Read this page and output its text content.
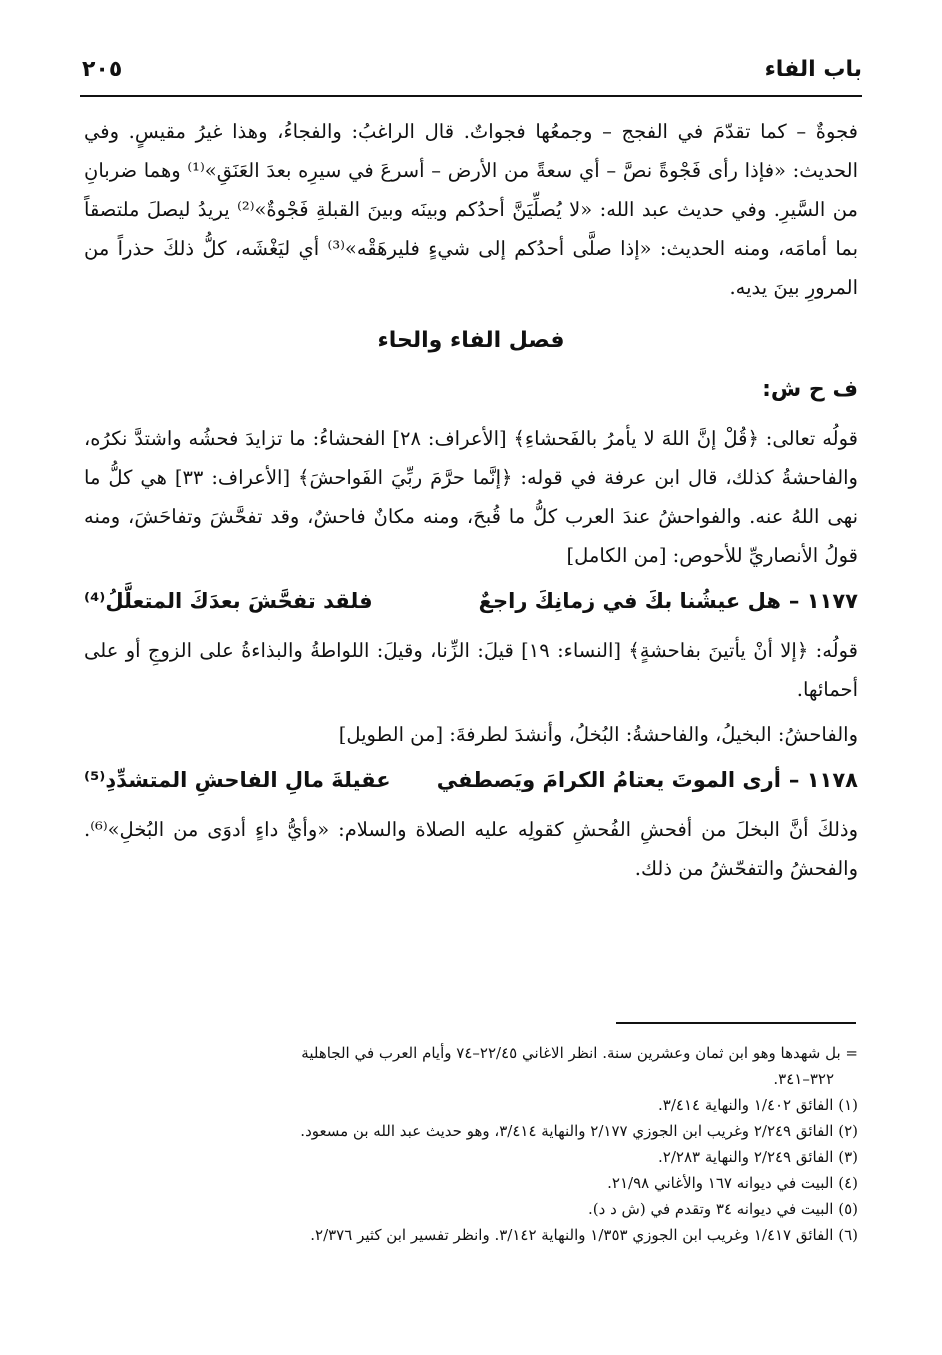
باب الفاء
٢٠٥

فجوةٌ – كما تقدّمَ في الفجج – وجمعُها فجواتٌ. قال الراغبُ: والفجاءُ، وهذا غيرُ مقيسٍ. وفي الحديث: «فإذا رأى فَجْوةً نصَّ – أي سعةً من الأرض – أسرعَ في سيرِه بعدَ العَنَقِ»⁽¹⁾ وهما ضربانِ من السَّيرِ. وفي حديث عبد الله: «لا يُصلِّيَنَّ أحدُكم وبينَه وبينَ القبلةِ فَجْوةٌ»⁽²⁾ يريدُ ليصلَ ملتصقاً بما أمامَه، ومنه الحديث: «إذا صلَّى أحدُكم إلى شيءٍ فليرهَقْه»⁽³⁾ أي ليَغْشَه، كلُّ ذلكَ حذراً من المرورِ بينَ يديه.

فصل الفاء والحاء

ف ح ش:

قولُه تعالى: ﴿قُلْ إنَّ اللهَ لا يأمرُ بالفَحشاءِ﴾ [الأعراف: ٢٨] الفحشاءُ: ما تزايدَ فحشُه واشتدَّ نكرُه، والفاحشةُ كذلك، قال ابن عرفة في قوله: ﴿إنَّما حرَّمَ ربِّيَ الفَواحشَ﴾ [الأعراف: ٣٣] هي كلُّ ما نهى اللهُ عنه. والفواحشُ عندَ العرب كلُّ ما قُبحَ، ومنه مكانٌ فاحشٌ، وقد تفحَّشَ وتفاحَشَ، ومنه قولُ الأنصاريِّ للأحوص: [من الكامل]

١١٧٧ –هل عيشُنا بكَ في زمانِكَ راجعٌ
فلقد تفحَّشَ بعدَكَ المتعلَّلُ⁽⁴⁾

قولُه: ﴿إلا أنْ يأتينَ بفاحشةٍ﴾ [النساء: ١٩] قيلَ: الزِّنا، وقيلَ: اللواطةُ والبذاءةُ على الزوجِ أو على أحمائها.

والفاحشُ: البخيلُ، والفاحشةُ: البُخلُ، وأنشدَ لطرفةَ: [من الطويل]

١١٧٨ –أرى الموتَ يعتامُ الكرامَ ويَصطفي
عقيلةَ مالِ الفاحشِ المتشدِّدِ⁽⁵⁾

وذلكَ أنَّ البخلَ من أفحشِ الفُحشِ كقولِه عليه الصلاة والسلام: «وأيُّ داءٍ أدوَى من البُخلِ»⁽⁶⁾. والفحشُ والتفحّشُ من ذلك.

= بل شهدها وهو ابن ثمان وعشرين سنة. انظر الاغاني ٢٢/٤٥–٧٤ وأيام العرب في الجاهلية

٣٢٢–٣٤١.

(١) الفائق ١/٤٠٢ والنهاية ٣/٤١٤.

(٢) الفائق ٢/٢٤٩ وغريب ابن الجوزي ٢/١٧٧ والنهاية ٣/٤١٤، وهو حديث عبد الله بن مسعود.

(٣) الفائق ٢/٢٤٩ والنهاية ٢/٢٨٣.

(٤) البيت في ديوانه ١٦٧ والأغاني ٢١/٩٨.

(٥) البيت في ديوانه ٣٤ وتقدم في (ش د د).

(٦) الفائق ١/٤١٧ وغريب ابن الجوزي ١/٣٥٣ والنهاية ٣/١٤٢. وانظر تفسير ابن كثير ٢/٣٧٦.
